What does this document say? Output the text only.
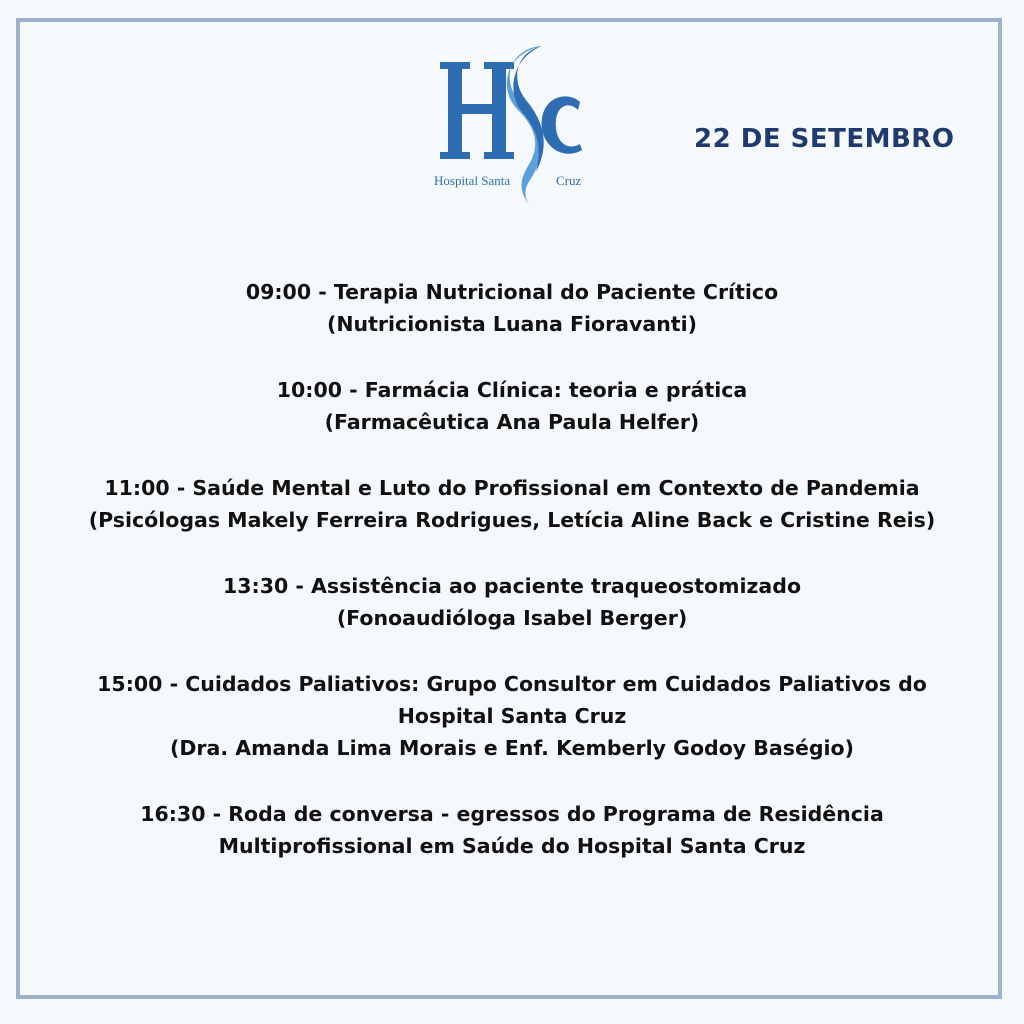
Hospital Santa	Cruz
22 DE SETEMBRO
09:00 - Terapia Nutricional do Paciente Crítico
(Nutricionista Luana Fioravanti)
10:00 - Farmácia Clínica: teoria e prática
(Farmacêutica Ana Paula Helfer)
11:00 - Saúde Mental e Luto do Profissional em Contexto de Pandemia
(Psicólogas Makely Ferreira Rodrigues, Letícia Aline Back e Cristine Reis)
13:30 - Assistência ao paciente traqueostomizado
(Fonoaudióloga Isabel Berger)
15:00 - Cuidados Paliativos: Grupo Consultor em Cuidados Paliativos do
Hospital Santa Cruz
(Dra. Amanda Lima Morais e Enf. Kemberly Godoy Baségio)
16:30 - Roda de conversa - egressos do Programa de Residência
Multiprofissional em Saúde do Hospital Santa Cruz
